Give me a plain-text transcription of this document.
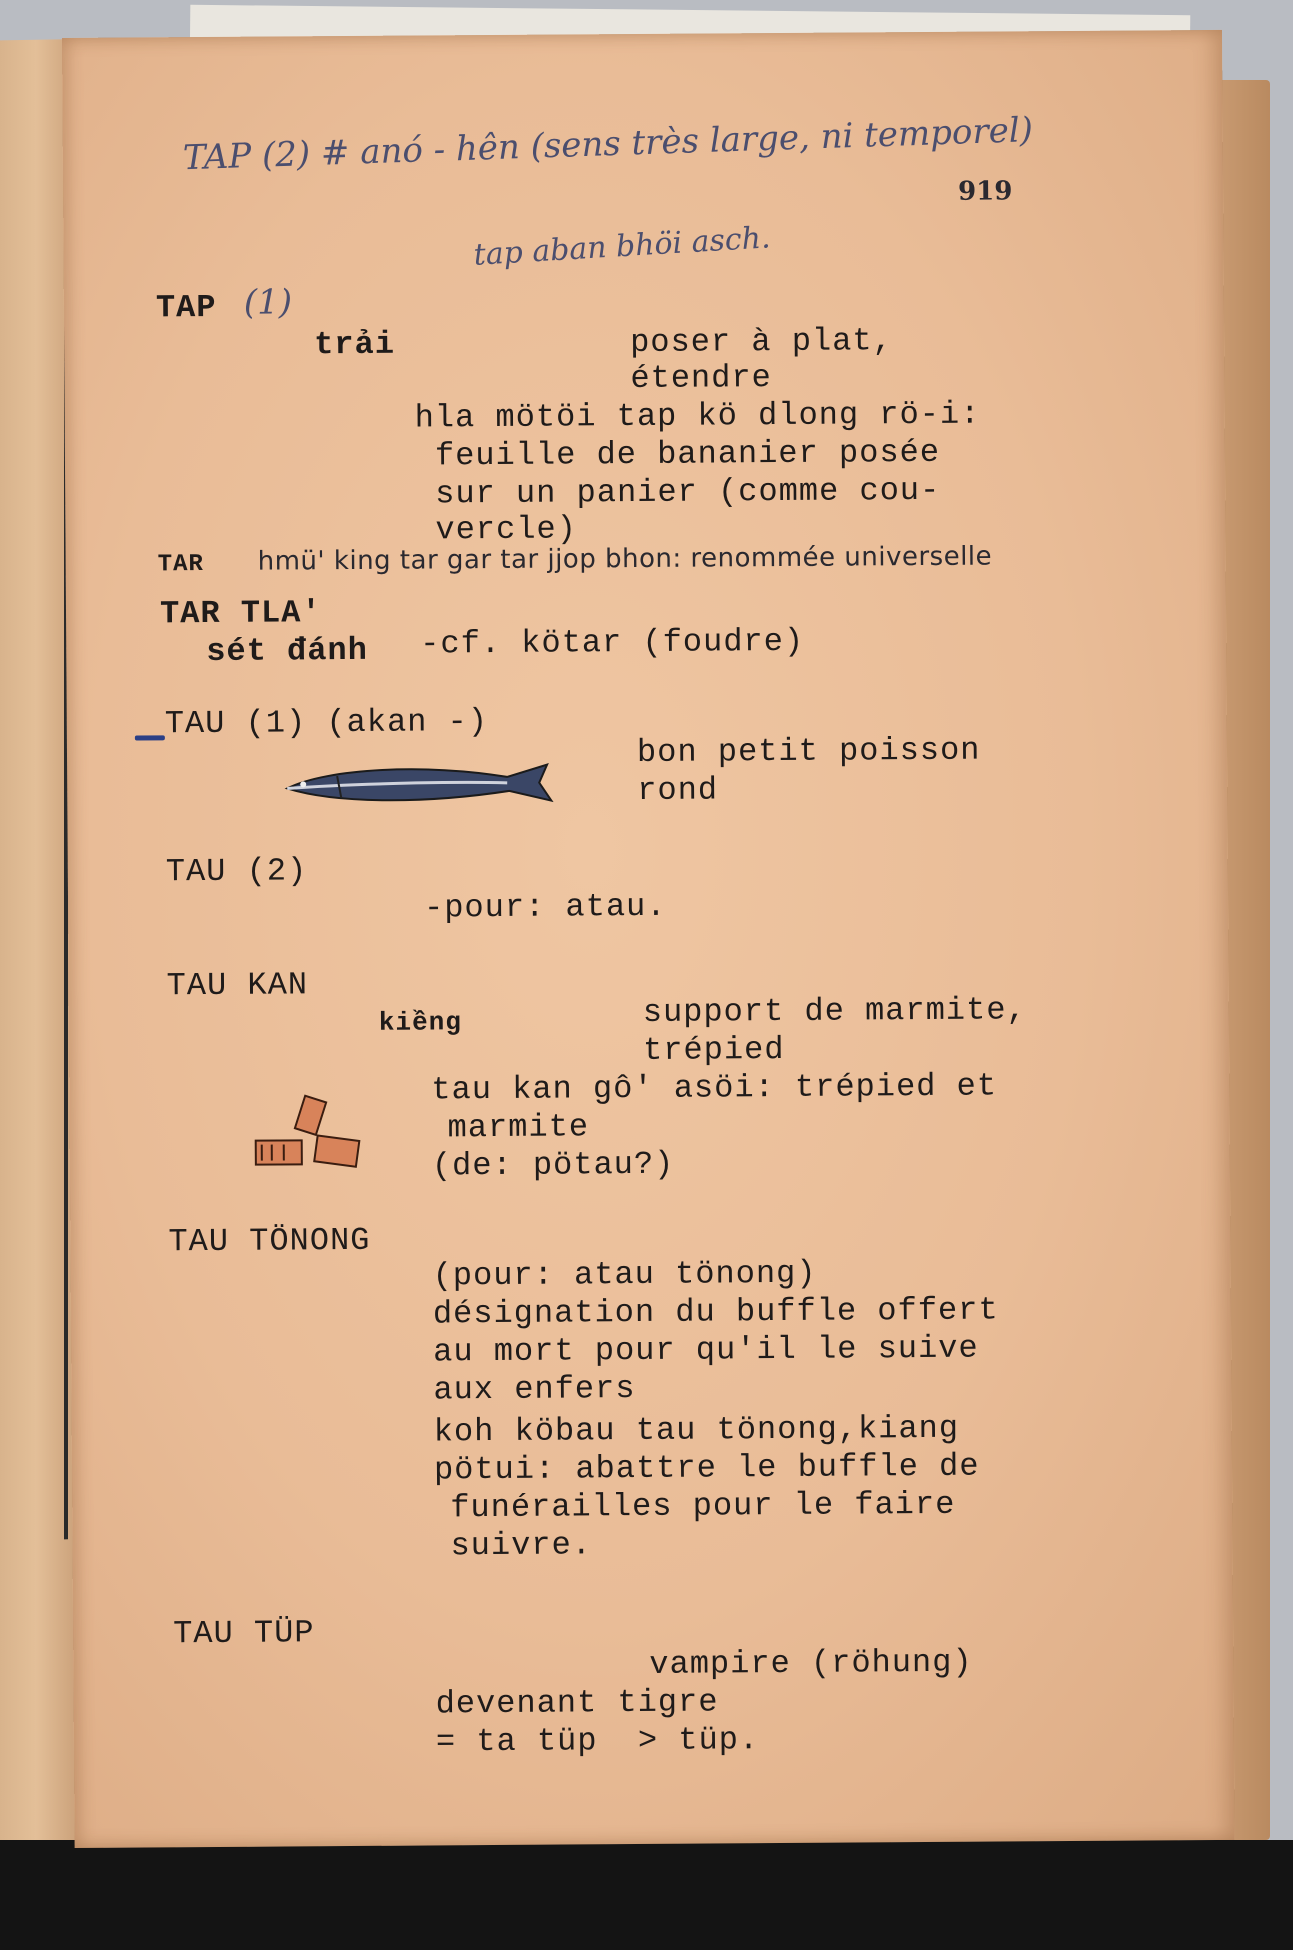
TAP (2) # anó - hên (sens très large, ni temporel)
919
tap aban bhöi asch.
TAP (1)
trải	poser à plat,
étendre
hla mötöi tap kö dlong rö-i:
feuille de bananier posée
sur un panier (comme cou-
vercle)
TAR hmü' king tar gar tar jjop bhon: renommée universelle
TAR TLA'
sét đánh -cf. kötar (foudre)
TAU (1) (akan -)
bon petit poisson
rond
TAU (2)
-pour: atau.
TAU KAN
kiềng	support de marmite,
trépied
tau kan gô' asöi: trépied et
marmite
(de: pötau?)
TAU TÖNONG
(pour: atau tönong)
désignation du buffle offert
au mort pour qu'il le suive
aux enfers
koh köbau tau tönong,kiang
pötui: abattre le buffle de
funérailles pour le faire
suivre.
TAU TÜP
vampire (röhung)
devenant tigre
= ta tüp  > tüp.
